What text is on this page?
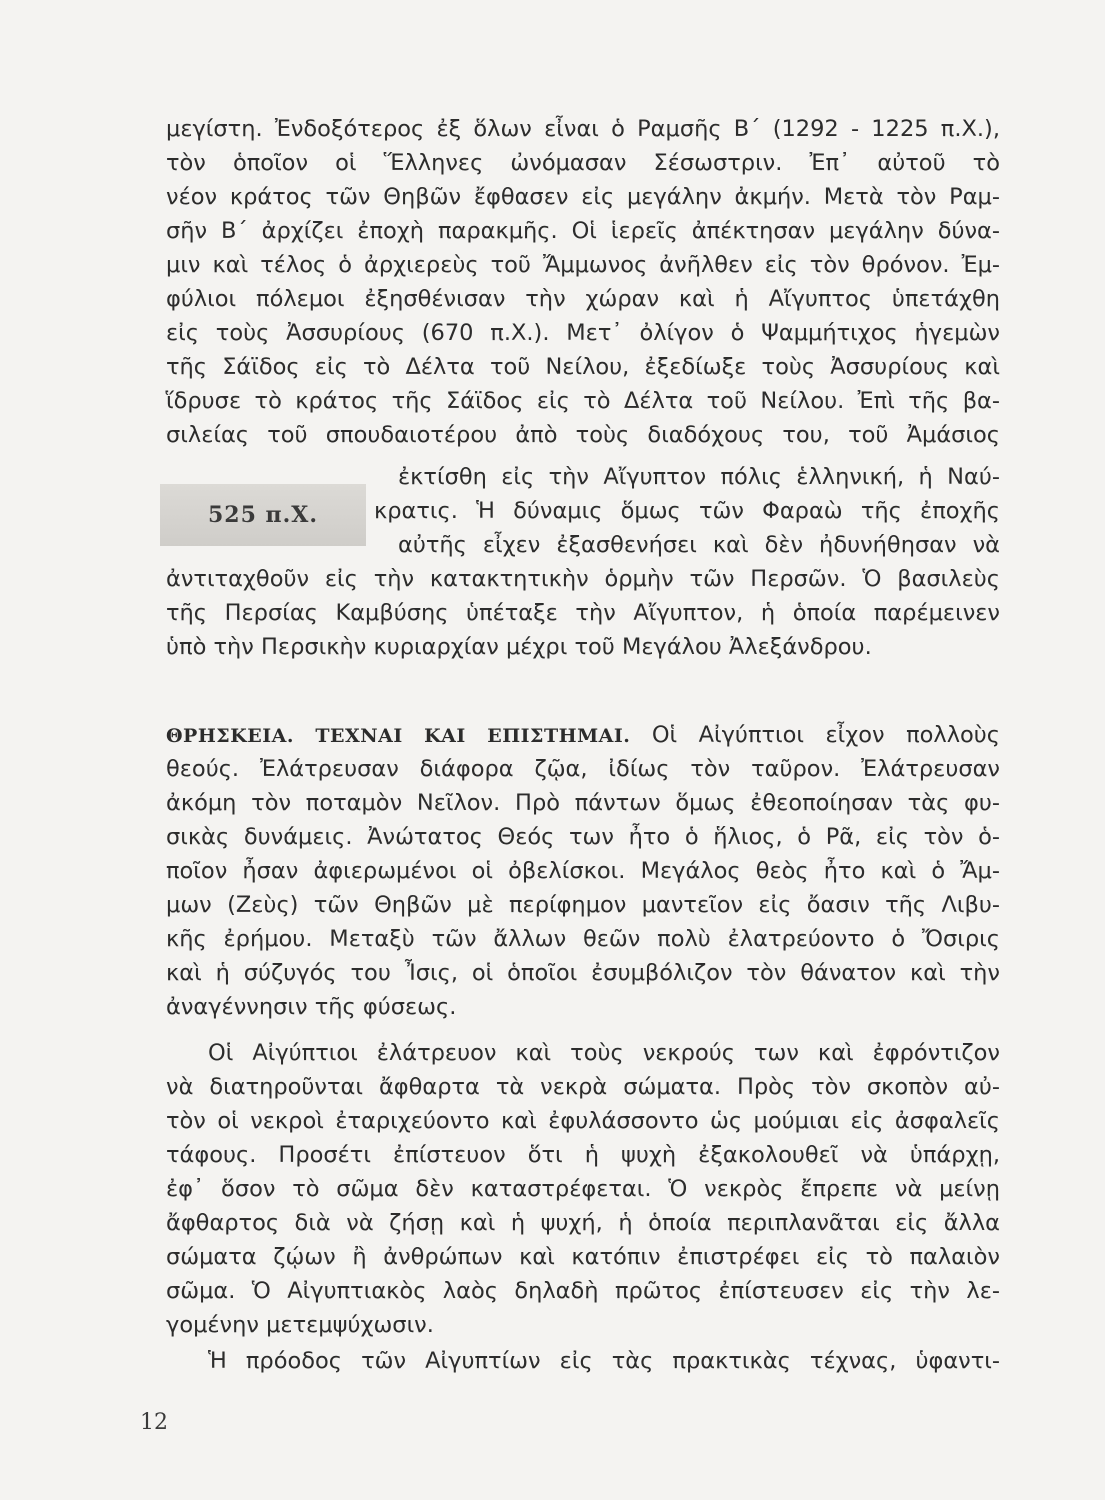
μεγίστη. Ἐνδοξότερος ἐξ ὅλων εἶναι ὁ Ραμσῆς Β΄ (1292 - 1225 π.Χ.),
τὸν ὁποῖον οἱ Ἕλληνες ὠνόμασαν Σέσωστριν. Ἐπ᾿ αὐτοῦ τὸ
νέον κράτος τῶν Θηβῶν ἔφθασεν εἰς μεγάλην ἀκμήν. Μετὰ τὸν Ραμ-
σῆν Β΄ ἀρχίζει ἐποχὴ παρακμῆς. Οἱ ἱερεῖς ἀπέκτησαν μεγάλην δύνα-
μιν καὶ τέλος ὁ ἀρχιερεὺς τοῦ Ἄμμωνος ἀνῆλθεν εἰς τὸν θρόνον. Ἐμ-
φύλιοι πόλεμοι ἐξησθένισαν τὴν χώραν καὶ ἡ Αἴγυπτος ὑπετάχθη
εἰς τοὺς Ἀσσυρίους (670 π.Χ.). Μετ᾿ ὀλίγον ὁ Ψαμμήτιχος ἡγεμὼν
τῆς Σάϊδος εἰς τὸ Δέλτα τοῦ Νείλου, ἐξεδίωξε τοὺς Ἀσσυρίους καὶ
ἵδρυσε τὸ κράτος τῆς Σάϊδος εἰς τὸ Δέλτα τοῦ Νείλου. Ἐπὶ τῆς βα-
σιλείας τοῦ σπουδαιοτέρου ἀπὸ τοὺς διαδόχους του, τοῦ Ἀμάσιος
525 π.Χ.
ἐκτίσθη εἰς τὴν Αἴγυπτον πόλις ἑλληνική, ἡ Ναύ-
κρατις. Ἡ δύναμις ὅμως τῶν Φαραὼ τῆς ἐποχῆς
αὐτῆς εἶχεν ἐξασθενήσει καὶ δὲν ἠδυνήθησαν νὰ
ἀντιταχθοῦν εἰς τὴν κατακτητικὴν ὁρμὴν τῶν Περσῶν. Ὁ βασιλεὺς
τῆς Περσίας Καμβύσης ὑπέταξε τὴν Αἴγυπτον, ἡ ὁποία παρέμεινεν
ὑπὸ τὴν Περσικὴν κυριαρχίαν μέχρι τοῦ Μεγάλου Ἀλεξάνδρου.
ΘΡΗΣΚΕΙΑ. ΤΕΧΝΑΙ ΚΑΙ ΕΠΙΣΤΗΜΑΙ. Οἱ Αἰγύπτιοι εἶχον πολλοὺς
θεούς. Ἐλάτρευσαν διάφορα ζῷα, ἰδίως τὸν ταῦρον. Ἐλάτρευσαν
ἀκόμη τὸν ποταμὸν Νεῖλον. Πρὸ πάντων ὅμως ἐθεοποίησαν τὰς φυ-
σικὰς δυνάμεις. Ἀνώτατος Θεός των ἦτο ὁ ἥλιος, ὁ Ρᾶ, εἰς τὸν ὁ-
ποῖον ἦσαν ἀφιερωμένοι οἱ ὀβελίσκοι. Μεγάλος θεὸς ἦτο καὶ ὁ Ἄμ-
μων (Ζεὺς) τῶν Θηβῶν μὲ περίφημον μαντεῖον εἰς ὄασιν τῆς Λιβυ-
κῆς ἐρήμου. Μεταξὺ τῶν ἄλλων θεῶν πολὺ ἐλατρεύοντο ὁ Ὄσιρις
καὶ ἡ σύζυγός του Ἶσις, οἱ ὁποῖοι ἐσυμβόλιζον τὸν θάνατον καὶ τὴν
ἀναγέννησιν τῆς φύσεως.
Οἱ Αἰγύπτιοι ἐλάτρευον καὶ τοὺς νεκρούς των καὶ ἐφρόντιζον
νὰ διατηροῦνται ἄφθαρτα τὰ νεκρὰ σώματα. Πρὸς τὸν σκοπὸν αὐ-
τὸν οἱ νεκροὶ ἐταριχεύοντο καὶ ἐφυλάσσοντο ὡς μούμιαι εἰς ἀσφαλεῖς
τάφους. Προσέτι ἐπίστευον ὅτι ἡ ψυχὴ ἐξακολουθεῖ νὰ ὑπάρχῃ,
ἐφ᾿ ὅσον τὸ σῶμα δὲν καταστρέφεται. Ὁ νεκρὸς ἔπρεπε νὰ μείνῃ
ἄφθαρτος διὰ νὰ ζήσῃ καὶ ἡ ψυχή, ἡ ὁποία περιπλανᾶται εἰς ἄλλα
σώματα ζῴων ἢ ἀνθρώπων καὶ κατόπιν ἐπιστρέφει εἰς τὸ παλαιὸν
σῶμα. Ὁ Αἰγυπτιακὸς λαὸς δηλαδὴ πρῶτος ἐπίστευσεν εἰς τὴν λε-
γομένην μετεμψύχωσιν.
Ἡ πρόοδος τῶν Αἰγυπτίων εἰς τὰς πρακτικὰς τέχνας, ὑφαντι-
12
